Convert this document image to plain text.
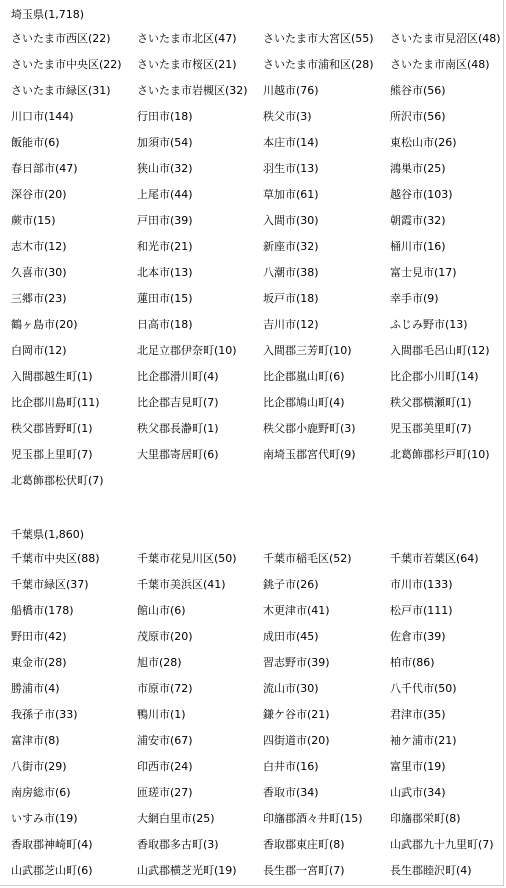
埼玉県(1,718)
さいたま市西区(22) さいたま市北区(47) さいたま市大宮区(55) さいたま市見沼区(48)
さいたま市中央区(22) さいたま市桜区(21) さいたま市浦和区(28) さいたま市南区(48)
さいたま市緑区(31) さいたま市岩槻区(32) 川越市(76)	熊谷市(56)
川口市(144)	行田市(18)	秩父市(3)	所沢市(56)
飯能市(6)	加須市(54)	本庄市(14)	東松山市(26)
春日部市(47)	狭山市(32)	羽生市(13)	鴻巣市(25)
深谷市(20)	上尾市(44)	草加市(61)	越谷市(103)
蕨市(15)	戸田市(39)	入間市(30)	朝霞市(32)
志木市(12)	和光市(21)	新座市(32)	桶川市(16)
久喜市(30)	北本市(13)	八潮市(38)	富士見市(17)
三郷市(23)	蓮田市(15)	坂戸市(18)	幸手市(9)
鶴ヶ島市(20)	日高市(18)	吉川市(12)	ふじみ野市(13)
白岡市(12)	北足立郡伊奈町(10) 入間郡三芳町(10)	入間郡毛呂山町(12)
入間郡越生町(1)	比企郡滑川町(4)	比企郡嵐山町(6)	比企郡小川町(14)
比企郡川島町(11)	比企郡吉見町(7)	比企郡鳩山町(4)	秩父郡横瀬町(1)
秩父郡皆野町(1)	秩父郡長瀞町(1)	秩父郡小鹿野町(3)	児玉郡美里町(7)
児玉郡上里町(7)	大里郡寄居町(6)	南埼玉郡宮代町(9)	北葛飾郡杉戸町(10)
北葛飾郡松伏町(7)
千葉県(1,860)
千葉市中央区(88)	千葉市花見川区(50) 千葉市稲毛区(52)	千葉市若葉区(64)
千葉市緑区(37)	千葉市美浜区(41)	銚子市(26)	市川市(133)
船橋市(178)	館山市(6)	木更津市(41)	松戸市(111)
野田市(42)	茂原市(20)	成田市(45)	佐倉市(39)
東金市(28)	旭市(28)	習志野市(39)	柏市(86)
勝浦市(4)	市原市(72)	流山市(30)	八千代市(50)
我孫子市(33)	鴨川市(1)	鎌ケ谷市(21)	君津市(35)
富津市(8)	浦安市(67)	四街道市(20)	袖ケ浦市(21)
八街市(29)	印西市(24)	白井市(16)	富里市(19)
南房総市(6)	匝瑳市(27)	香取市(34)	山武市(34)
いすみ市(19)	大網白里市(25)	印旛郡酒々井町(15) 印旛郡栄町(8)
香取郡神崎町(4)	香取郡多古町(3)	香取郡東庄町(8)	山武郡九十九里町(7)
山武郡芝山町(6)	山武郡横芝光町(19) 長生郡一宮町(7)	長生郡睦沢町(4)
